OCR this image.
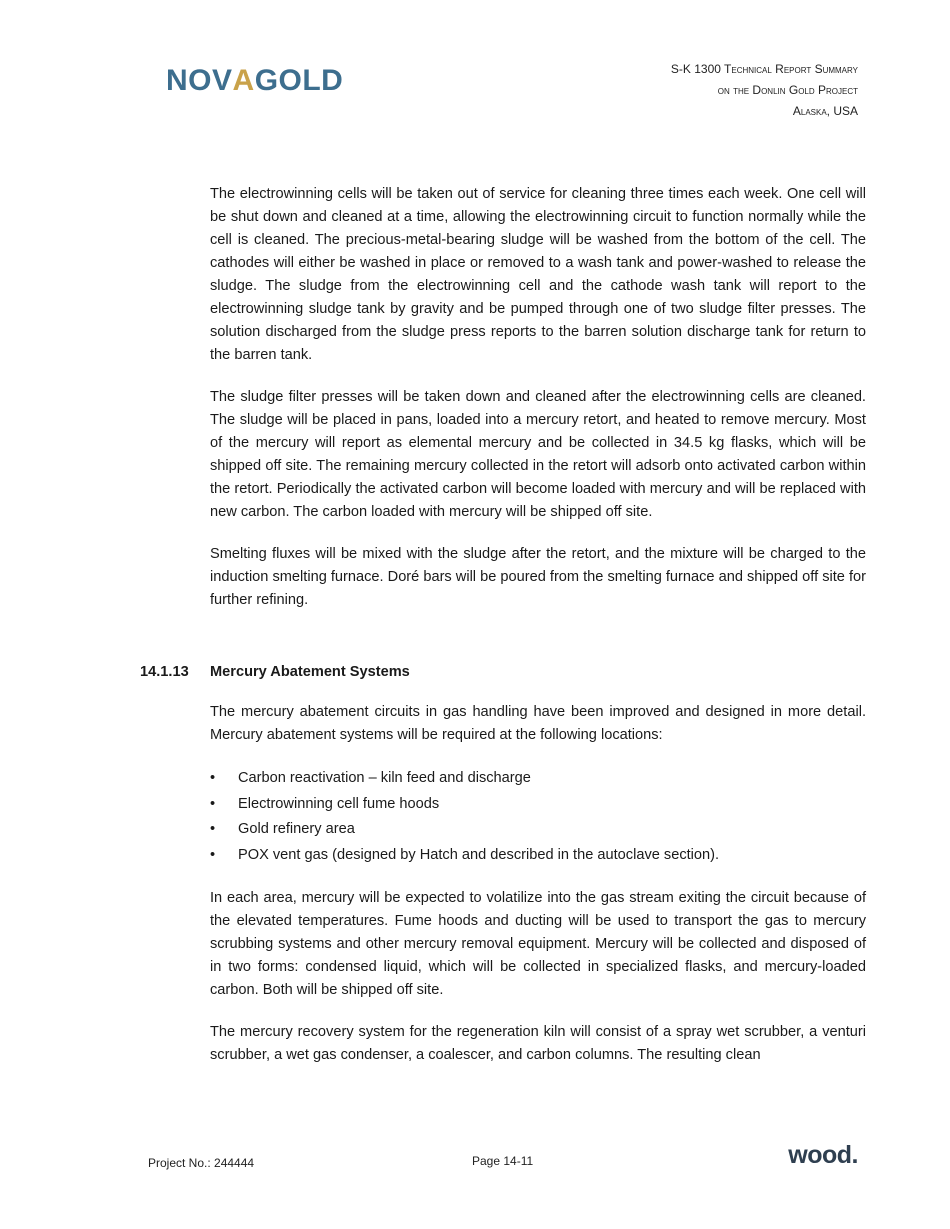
NOV A GOLD	S-K 1300 Technical Report Summary
on the Donlin Gold Project
Alaska, USA

The electrowinning cells will be taken out of service for cleaning three times each week. One cell will be shut down and cleaned at a time, allowing the electrowinning circuit to function normally while the cell is cleaned. The precious-metal-bearing sludge will be washed from the bottom of the cell. The cathodes will either be washed in place or removed to a wash tank and power-washed to release the sludge. The sludge from the electrowinning cell and the cathode wash tank will report to the electrowinning sludge tank by gravity and be pumped through one of two sludge filter presses. The solution discharged from the sludge press reports to the barren solution discharge tank for return to the barren tank.

The sludge filter presses will be taken down and cleaned after the electrowinning cells are cleaned. The sludge will be placed in pans, loaded into a mercury retort, and heated to remove mercury. Most of the mercury will report as elemental mercury and be collected in 34.5 kg flasks, which will be shipped off site. The remaining mercury collected in the retort will adsorb onto activated carbon within the retort. Periodically the activated carbon will become loaded with mercury and will be replaced with new carbon. The carbon loaded with mercury will be shipped off site.

Smelting fluxes will be mixed with the sludge after the retort, and the mixture will be charged to the induction smelting furnace. Doré bars will be poured from the smelting furnace and shipped off site for further refining.

14.1.13 Mercury Abatement Systems

The mercury abatement circuits in gas handling have been improved and designed in more detail. Mercury abatement systems will be required at the following locations:

• Carbon reactivation – kiln feed and discharge
• Electrowinning cell fume hoods
• Gold refinery area
• POX vent gas (designed by Hatch and described in the autoclave section).

In each area, mercury will be expected to volatilize into the gas stream exiting the circuit because of the elevated temperatures. Fume hoods and ducting will be used to transport the gas to mercury scrubbing systems and other mercury removal equipment. Mercury will be collected and disposed of in two forms: condensed liquid, which will be collected in specialized flasks, and mercury-loaded carbon. Both will be shipped off site.

The mercury recovery system for the regeneration kiln will consist of a spray wet scrubber, a venturi scrubber, a wet gas condenser, a coalescer, and carbon columns. The resulting clean

Project No.: 244444	Page 14-11	wood.
